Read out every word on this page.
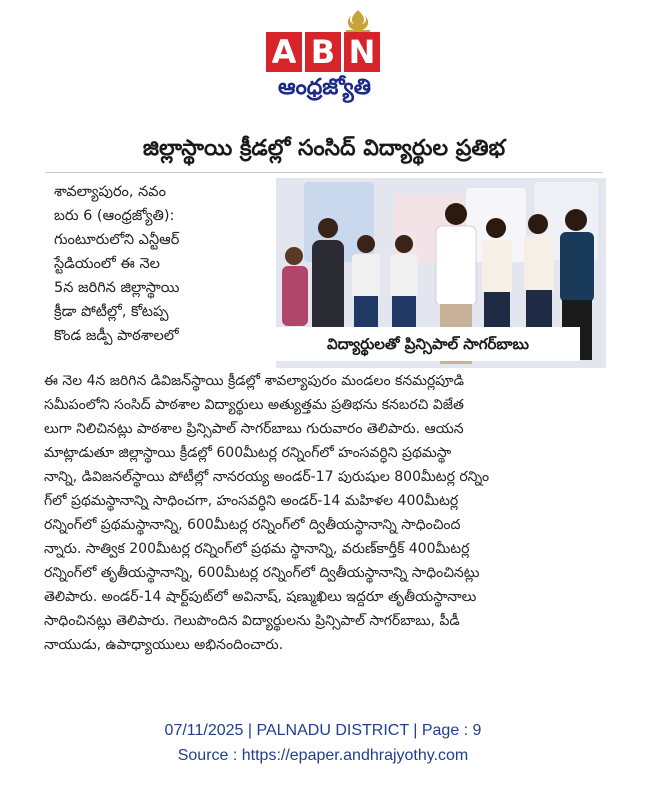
A B N
ఆంధ్రజ్యోతి
జిల్లాస్థాయి క్రీడల్లో సంసిద్ విద్యార్థుల ప్రతిభ
శావల్యాపురం, నవం
బరు 6 (ఆంధ్రజ్యోతి):
గుంటూరులోని ఎన్టీఆర్
స్టేడియంలో ఈ నెల
5న జరిగిన జిల్లాస్థాయి
క్రీడా పోటీల్లో, కోటప్ప
కొండ జడ్పీ పాఠశాలలో	విద్యార్థులతో ప్రిన్సిపాల్ సాగర్‌బాబు
ఈ నెల 4న జరిగిన డివిజన్‌స్థాయి క్రీడల్లో శావల్యాపురం మండలం కనమర్లపూడి
సమీపంలోని సంసిద్ పాఠశాల విద్యార్థులు అత్యుత్తమ ప్రతిభను కనబరచి విజేత
లుగా నిలిచినట్లు పాఠశాల ప్రిన్సిపాల్ సాగర్‌బాబు గురువారం తెలిపారు. ఆయన
మాట్లాడుతూ జిల్లాస్థాయి క్రీడల్లో 600మీటర్ల రన్నింగ్‌లో హంసవర్ధిని ప్రథమస్థా
నాన్ని, డివిజనల్‌స్థాయి పోటీల్లో నానరయ్య అండర్-17 పురుషుల 800మీటర్ల రన్నిం
గ్‌లో ప్రథమస్థానాన్ని సాధించగా, హంసవర్ధిని అండర్-14 మహిళల 400మీటర్ల
రన్నింగ్‌లో ప్రథమస్థానాన్ని, 600మీటర్ల రన్నింగ్‌లో ద్వితీయస్థానాన్ని సాధించింద
న్నారు. సాత్విక 200మీటర్ల రన్నింగ్‌లో ప్రథమ స్థానాన్ని, వరుణ్‌కార్తీక్ 400మీటర్ల
రన్నింగ్‌లో తృతీయస్థానాన్ని, 600మీటర్ల రన్నింగ్‌లో ద్వితీయస్థానాన్ని సాధించినట్లు
తెలిపారు. అండర్-14 షార్ట్‌పుట్‌లో అవినాష్, షణ్ముఖిలు ఇద్దరూ తృతీయస్థానాలు
సాధించినట్లు తెలిపారు. గెలుపొందిన విద్యార్థులను ప్రిన్సిపాల్ సాగర్‌బాబు, పీడీ
నాయుడు, ఉపాధ్యాయులు అభినందించారు.
07/11/2025 | PALNADU DISTRICT | Page : 9
Source : https://epaper.andhrajyothy.com
